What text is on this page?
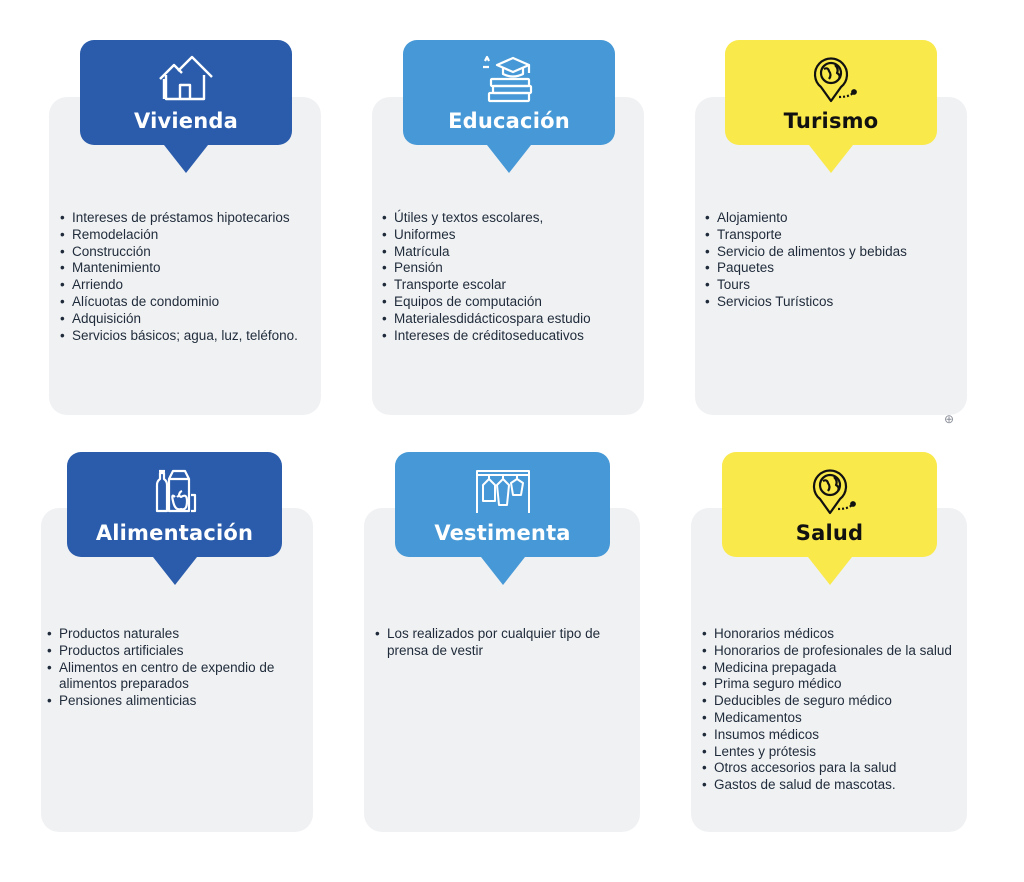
Vivienda
• Intereses de préstamos hipotecarios
• Remodelación
• Construcción
• Mantenimiento
• Arriendo
• Alícuotas de condominio
• Adquisición
• Servicios básicos; agua, luz, teléfono.
Educación
• Útiles y textos escolares,
• Uniformes
• Matrícula
• Pensión
• Transporte escolar
• Equipos de computación
• Materialesdidácticospara estudio
• Intereses de créditoseducativos
Turismo
• Alojamiento
• Transporte
• Servicio de alimentos y bebidas
• Paquetes
• Tours
• Servicios Turísticos
⊕
Alimentación
• Productos naturales
• Productos artificiales
• Alimentos en centro de expendio de alimentos preparados
• Pensiones alimenticias
Vestimenta
• Los realizados por cualquier tipo de prensa de vestir
Salud
• Honorarios médicos
• Honorarios de profesionales de la salud
• Medicina prepagada
• Prima seguro médico
• Deducibles de seguro médico
• Medicamentos
• Insumos médicos
• Lentes y prótesis
• Otros accesorios para la salud
• Gastos de salud de mascotas.
